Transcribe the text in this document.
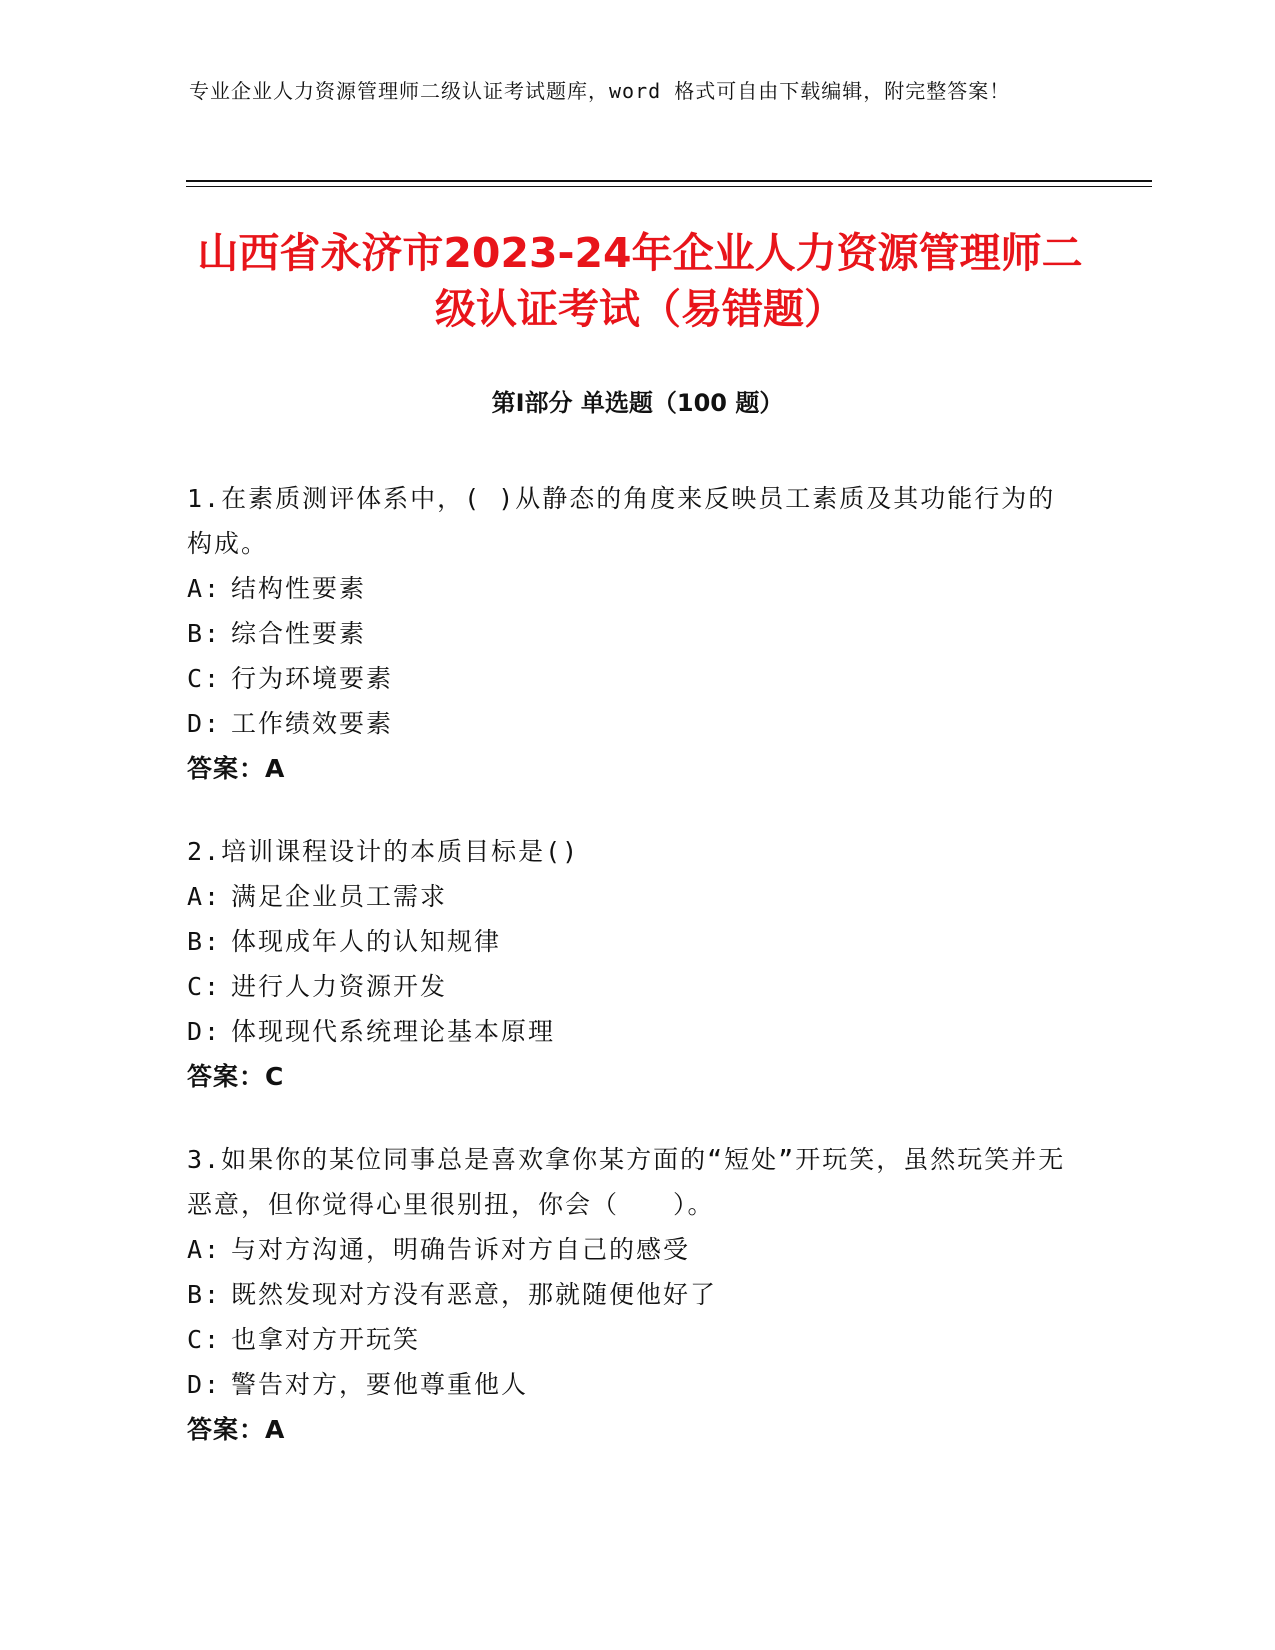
专业企业人力资源管理师二级认证考试题库，word 格式可自由下载编辑，附完整答案！
山西省永济市2023-24年企业人力资源管理师二级认证考试（易错题）
第Ⅰ部分 单选题（100 题）

1.在素质测评体系中，( )从静态的角度来反映员工素质及其功能行为的构成。

A: 结构性要素

B: 综合性要素

C: 行为环境要素

D: 工作绩效要素

答案：A

2.培训课程设计的本质目标是()

A: 满足企业员工需求

B: 体现成年人的认知规律

C: 进行人力资源开发

D: 体现现代系统理论基本原理

答案：C

3.如果你的某位同事总是喜欢拿你某方面的“短处”开玩笑，虽然玩笑并无恶意，但你觉得心里很别扭，你会（　　）。

A: 与对方沟通，明确告诉对方自己的感受

B: 既然发现对方没有恶意，那就随便他好了

C: 也拿对方开玩笑

D: 警告对方，要他尊重他人

答案：A
